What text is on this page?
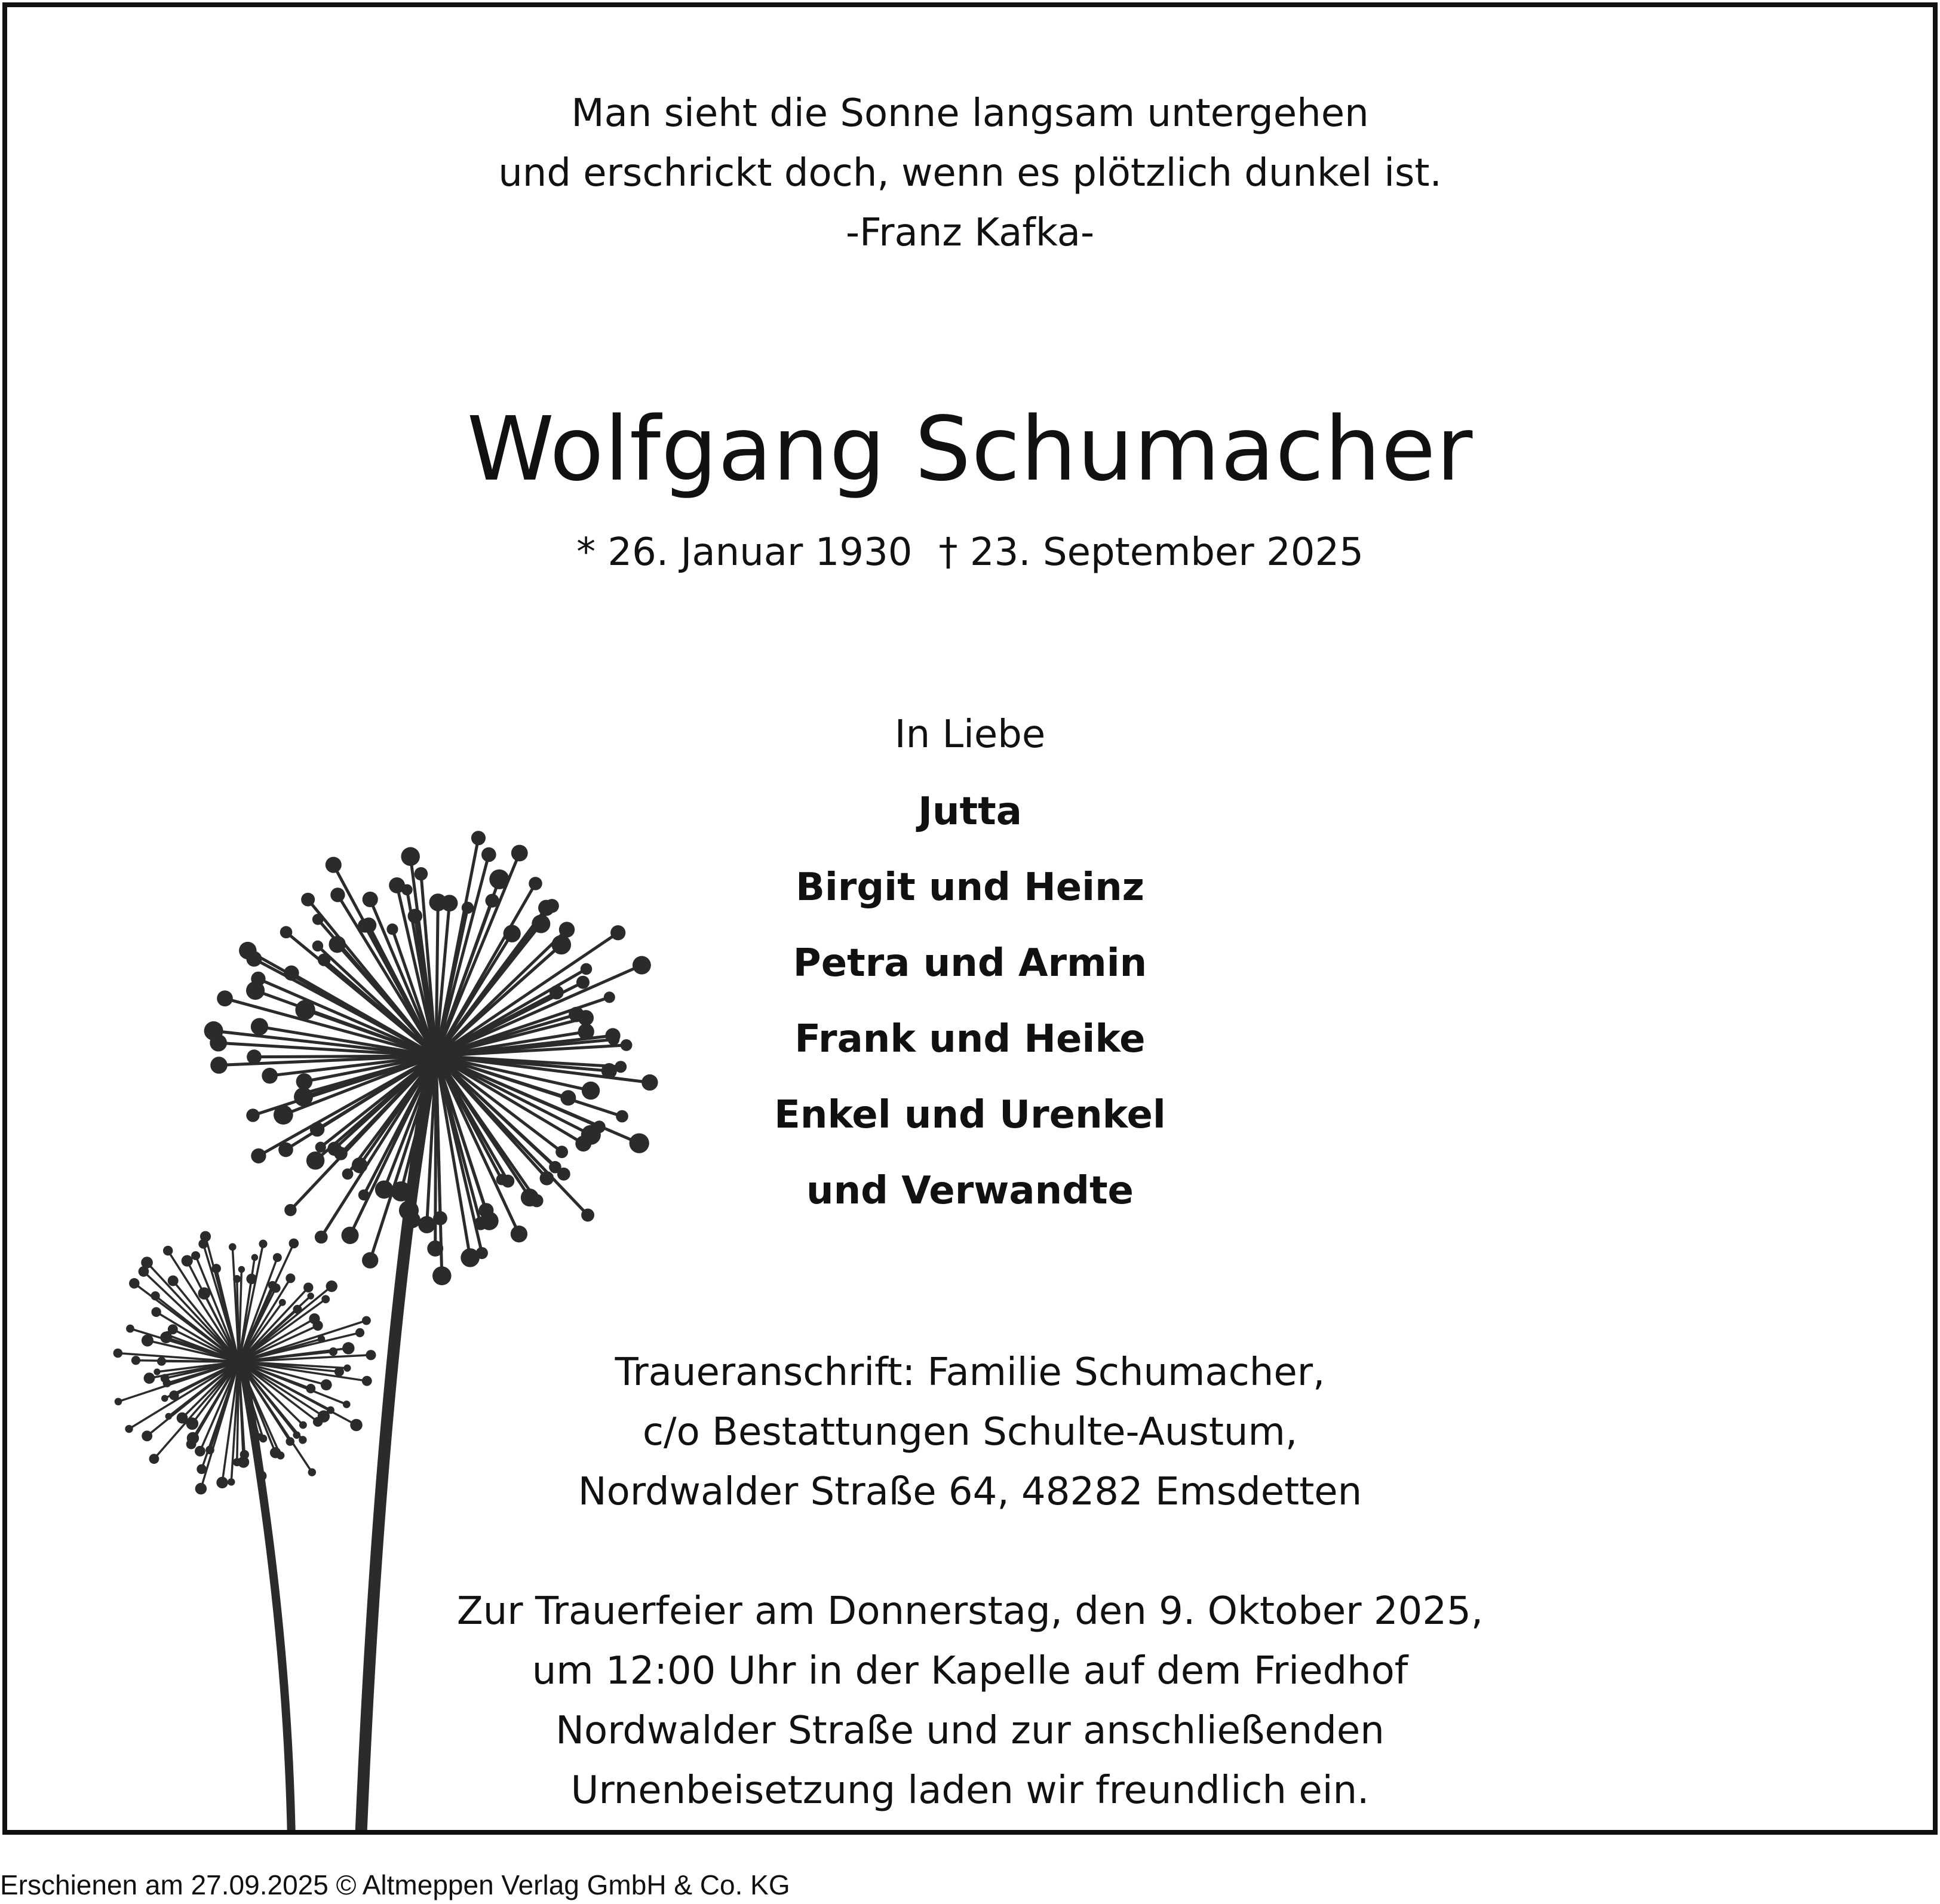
Man sieht die Sonne langsam untergehen
und erschrickt doch, wenn es plötzlich dunkel ist.
-Franz Kafka-
Wolfgang Schumacher
* 26. Januar 1930 † 23. September 2025
In Liebe
Jutta
Birgit und Heinz
Petra und Armin
Frank und Heike
Enkel und Urenkel
und Verwandte
Traueranschrift: Familie Schumacher,
c/o Bestattungen Schulte-Austum,
Nordwalder Straße 64, 48282 Emsdetten
Zur Trauerfeier am Donnerstag, den 9. Oktober 2025,
um 12:00 Uhr in der Kapelle auf dem Friedhof
Nordwalder Straße und zur anschließenden
Urnenbeisetzung laden wir freundlich ein.
Erschienen am 27.09.2025 © Altmeppen Verlag GmbH & Co. KG
